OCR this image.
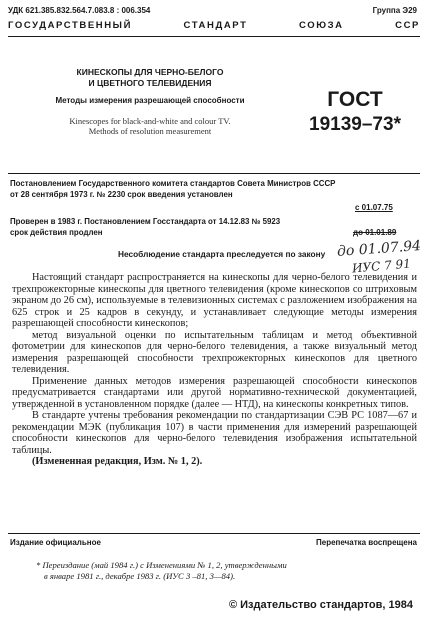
УДК 621.385.832.564.7.083.8 : 006.354	Группа Э29
ГОСУДАРСТВЕННЫЙ СТАНДАРТ СОЮЗА ССР
КИНЕСКОПЫ ДЛЯ ЧЕРНО-БЕЛОГО
И ЦВЕТНОГО ТЕЛЕВИДЕНИЯ
Методы измерения разрешающей способности
Kinescopes for black-and-white and colour TV.
Methods of resolution measurement
ГОСТ
19139–73*
Постановлением Государственного комитета стандартов Совета Министров СССР
от 28 сентября 1973 г. № 2230 срок введения установлен
с 01.07.75
Проверен в 1983 г. Постановлением Госстандарта от 14.12.83 № 5923
срок действия продлен	до 01.01.89
Несоблюдение стандарта преследуется по закону до 01.07.94
ИУС 7 91

Настоящий стандарт распространяется на кинескопы для черно-белого телевидения и трехпрожекторные кинескопы для цветного телевидения (кроме кинескопов со штриховым экраном до 26 см), используемые в телевизионных системах с разложением изображения на 625 строк и 25 кадров в секунду, и устанавливает следующие методы измерения разрешающей способности кинескопов;

метод визуальной оценки по испытательным таблицам и метод объективной фотометрии для кинескопов для черно-белого телевидения, а также визуальный метод измерения разрешающей способности трехпрожекторных кинескопов для цветного телевидения.

Применение данных методов измерения разрешающей способности кинескопов предусматривается стандартами или другой нормативно-технической документацией, утвержденной в установленном порядке (далее — НТД), на кинескопы конкретных типов.

В стандарте учтены требования рекомендации по стандартизации СЭВ РС 1087—67 и рекомендации МЭК (публикация 107) в части применения для измерений разрешающей способности кинескопов для черно-белого телевидения изображения испытательной таблицы.

(Измененная редакция, Изм. № 1, 2).

Издание официальное	Перепечатка воспрещена
* Переиздание (май 1984 г.) с Изменениями № 1, 2, утвержденными
в январе 1981 г., декабре 1983 г. (ИУС 3 –81, 3—84).
© Издательство стандартов, 1984
